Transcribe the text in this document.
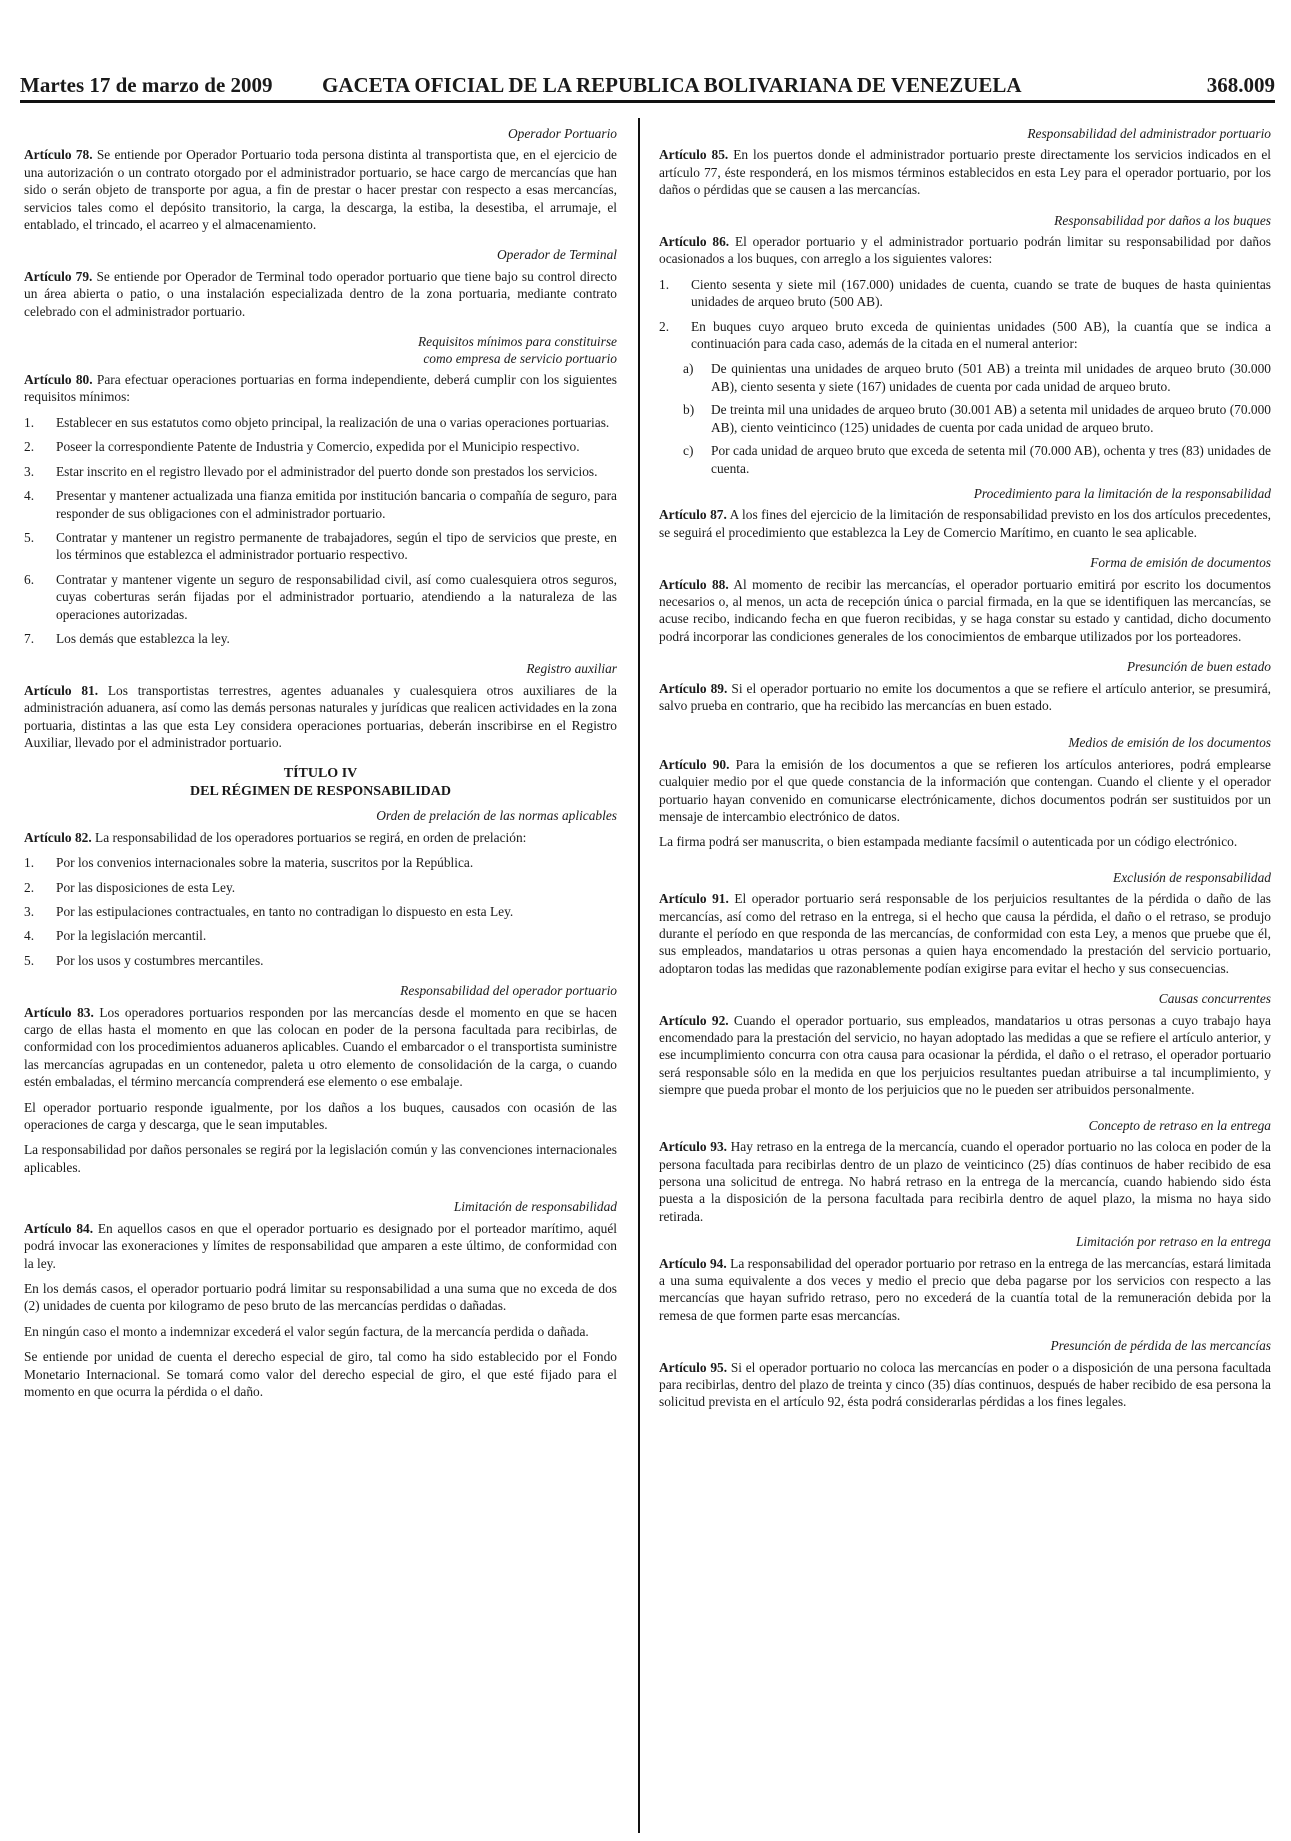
Martes 17 de marzo de 2009 GACETA OFICIAL DE LA REPUBLICA BOLIVARIANA DE VENEZUELA	368.009
Operador Portuario

Artículo 78. Se entiende por Operador Portuario toda persona distinta al transportista que, en el ejercicio de una autorización o un contrato otorgado por el administrador portuario, se hace cargo de mercancías que han sido o serán objeto de transporte por agua, a fin de prestar o hacer prestar con respecto a esas mercancías, servicios tales como el depósito transitorio, la carga, la descarga, la estiba, la desestiba, el arrumaje, el entablado, el trincado, el acarreo y el almacenamiento.

Operador de Terminal

Artículo 79. Se entiende por Operador de Terminal todo operador portuario que tiene bajo su control directo un área abierta o patio, o una instalación especializada dentro de la zona portuaria, mediante contrato celebrado con el administrador portuario.

Requisitos mínimos para constituirse
como empresa de servicio portuario

Artículo 80. Para efectuar operaciones portuarias en forma independiente, deberá cumplir con los siguientes requisitos mínimos:

1. Establecer en sus estatutos como objeto principal, la realización de una o varias operaciones portuarias.
2. Poseer la correspondiente Patente de Industria y Comercio, expedida por el Municipio respectivo.
3. Estar inscrito en el registro llevado por el administrador del puerto donde son prestados los servicios.
4. Presentar y mantener actualizada una fianza emitida por institución bancaria o compañía de seguro, para responder de sus obligaciones con el administrador portuario.
5. Contratar y mantener un registro permanente de trabajadores, según el tipo de servicios que preste, en los términos que establezca el administrador portuario respectivo.
6. Contratar y mantener vigente un seguro de responsabilidad civil, así como cualesquiera otros seguros, cuyas coberturas serán fijadas por el administrador portuario, atendiendo a la naturaleza de las operaciones autorizadas.
7. Los demás que establezca la ley.
Registro auxiliar

Artículo 81. Los transportistas terrestres, agentes aduanales y cualesquiera otros auxiliares de la administración aduanera, así como las demás personas naturales y jurídicas que realicen actividades en la zona portuaria, distintas a las que esta Ley considera operaciones portuarias, deberán inscribirse en el Registro Auxiliar, llevado por el administrador portuario.

TÍTULO IV
DEL RÉGIMEN DE RESPONSABILIDAD
Orden de prelación de las normas aplicables

Artículo 82. La responsabilidad de los operadores portuarios se regirá, en orden de prelación:

1. Por los convenios internacionales sobre la materia, suscritos por la República.
2. Por las disposiciones de esta Ley.
3. Por las estipulaciones contractuales, en tanto no contradigan lo dispuesto en esta Ley.
4. Por la legislación mercantil.
5. Por los usos y costumbres mercantiles.
Responsabilidad del operador portuario

Artículo 83. Los operadores portuarios responden por las mercancías desde el momento en que se hacen cargo de ellas hasta el momento en que las colocan en poder de la persona facultada para recibirlas, de conformidad con los procedimientos aduaneros aplicables. Cuando el embarcador o el transportista suministre las mercancías agrupadas en un contenedor, paleta u otro elemento de consolidación de la carga, o cuando estén embaladas, el término mercancía comprenderá ese elemento o ese embalaje.

El operador portuario responde igualmente, por los daños a los buques, causados con ocasión de las operaciones de carga y descarga, que le sean imputables.

La responsabilidad por daños personales se regirá por la legislación común y las convenciones internacionales aplicables.

Limitación de responsabilidad

Artículo 84. En aquellos casos en que el operador portuario es designado por el porteador marítimo, aquél podrá invocar las exoneraciones y límites de responsabilidad que amparen a este último, de conformidad con la ley.

En los demás casos, el operador portuario podrá limitar su responsabilidad a una suma que no exceda de dos (2) unidades de cuenta por kilogramo de peso bruto de las mercancías perdidas o dañadas.

En ningún caso el monto a indemnizar excederá el valor según factura, de la mercancía perdida o dañada.

Se entiende por unidad de cuenta el derecho especial de giro, tal como ha sido establecido por el Fondo Monetario Internacional. Se tomará como valor del derecho especial de giro, el que esté fijado para el momento en que ocurra la pérdida o el daño.

Responsabilidad del administrador portuario

Artículo 85. En los puertos donde el administrador portuario preste directamente los servicios indicados en el artículo 77, éste responderá, en los mismos términos establecidos en esta Ley para el operador portuario, por los daños o pérdidas que se causen a las mercancías.

Responsabilidad por daños a los buques

Artículo 86. El operador portuario y el administrador portuario podrán limitar su responsabilidad por daños ocasionados a los buques, con arreglo a los siguientes valores:

1. Ciento sesenta y siete mil (167.000) unidades de cuenta, cuando se trate de buques de hasta quinientas unidades de arqueo bruto (500 AB).
2. En buques cuyo arqueo bruto exceda de quinientas unidades (500 AB), la cuantía que se indica a continuación para cada caso, además de la citada en el numeral anterior:
a) De quinientas una unidades de arqueo bruto (501 AB) a treinta mil unidades de arqueo bruto (30.000 AB), ciento sesenta y siete (167) unidades de cuenta por cada unidad de arqueo bruto.
b) De treinta mil una unidades de arqueo bruto (30.001 AB) a setenta mil unidades de arqueo bruto (70.000 AB), ciento veinticinco (125) unidades de cuenta por cada unidad de arqueo bruto.
c) Por cada unidad de arqueo bruto que exceda de setenta mil (70.000 AB), ochenta y tres (83) unidades de cuenta.
Procedimiento para la limitación de la responsabilidad

Artículo 87. A los fines del ejercicio de la limitación de responsabilidad previsto en los dos artículos precedentes, se seguirá el procedimiento que establezca la Ley de Comercio Marítimo, en cuanto le sea aplicable.

Forma de emisión de documentos

Artículo 88. Al momento de recibir las mercancías, el operador portuario emitirá por escrito los documentos necesarios o, al menos, un acta de recepción única o parcial firmada, en la que se identifiquen las mercancías, se acuse recibo, indicando fecha en que fueron recibidas, y se haga constar su estado y cantidad, dicho documento podrá incorporar las condiciones generales de los conocimientos de embarque utilizados por los porteadores.

Presunción de buen estado

Artículo 89. Si el operador portuario no emite los documentos a que se refiere el artículo anterior, se presumirá, salvo prueba en contrario, que ha recibido las mercancías en buen estado.

Medios de emisión de los documentos

Artículo 90. Para la emisión de los documentos a que se refieren los artículos anteriores, podrá emplearse cualquier medio por el que quede constancia de la información que contengan. Cuando el cliente y el operador portuario hayan convenido en comunicarse electrónicamente, dichos documentos podrán ser sustituidos por un mensaje de intercambio electrónico de datos.

La firma podrá ser manuscrita, o bien estampada mediante facsímil o autenticada por un código electrónico.

Exclusión de responsabilidad

Artículo 91. El operador portuario será responsable de los perjuicios resultantes de la pérdida o daño de las mercancías, así como del retraso en la entrega, si el hecho que causa la pérdida, el daño o el retraso, se produjo durante el período en que responda de las mercancías, de conformidad con esta Ley, a menos que pruebe que él, sus empleados, mandatarios u otras personas a quien haya encomendado la prestación del servicio portuario, adoptaron todas las medidas que razonablemente podían exigirse para evitar el hecho y sus consecuencias.

Causas concurrentes

Artículo 92. Cuando el operador portuario, sus empleados, mandatarios u otras personas a cuyo trabajo haya encomendado para la prestación del servicio, no hayan adoptado las medidas a que se refiere el artículo anterior, y ese incumplimiento concurra con otra causa para ocasionar la pérdida, el daño o el retraso, el operador portuario será responsable sólo en la medida en que los perjuicios resultantes puedan atribuirse a tal incumplimiento, y siempre que pueda probar el monto de los perjuicios que no le pueden ser atribuidos personalmente.

Concepto de retraso en la entrega

Artículo 93. Hay retraso en la entrega de la mercancía, cuando el operador portuario no las coloca en poder de la persona facultada para recibirlas dentro de un plazo de veinticinco (25) días continuos de haber recibido de esa persona una solicitud de entrega. No habrá retraso en la entrega de la mercancía, cuando habiendo sido ésta puesta a la disposición de la persona facultada para recibirla dentro de aquel plazo, la misma no haya sido retirada.

Limitación por retraso en la entrega

Artículo 94. La responsabilidad del operador portuario por retraso en la entrega de las mercancías, estará limitada a una suma equivalente a dos veces y medio el precio que deba pagarse por los servicios con respecto a las mercancías que hayan sufrido retraso, pero no excederá de la cuantía total de la remuneración debida por la remesa de que formen parte esas mercancías.

Presunción de pérdida de las mercancías

Artículo 95. Si el operador portuario no coloca las mercancías en poder o a disposición de una persona facultada para recibirlas, dentro del plazo de treinta y cinco (35) días continuos, después de haber recibido de esa persona la solicitud prevista en el artículo 92, ésta podrá considerarlas pérdidas a los fines legales.
